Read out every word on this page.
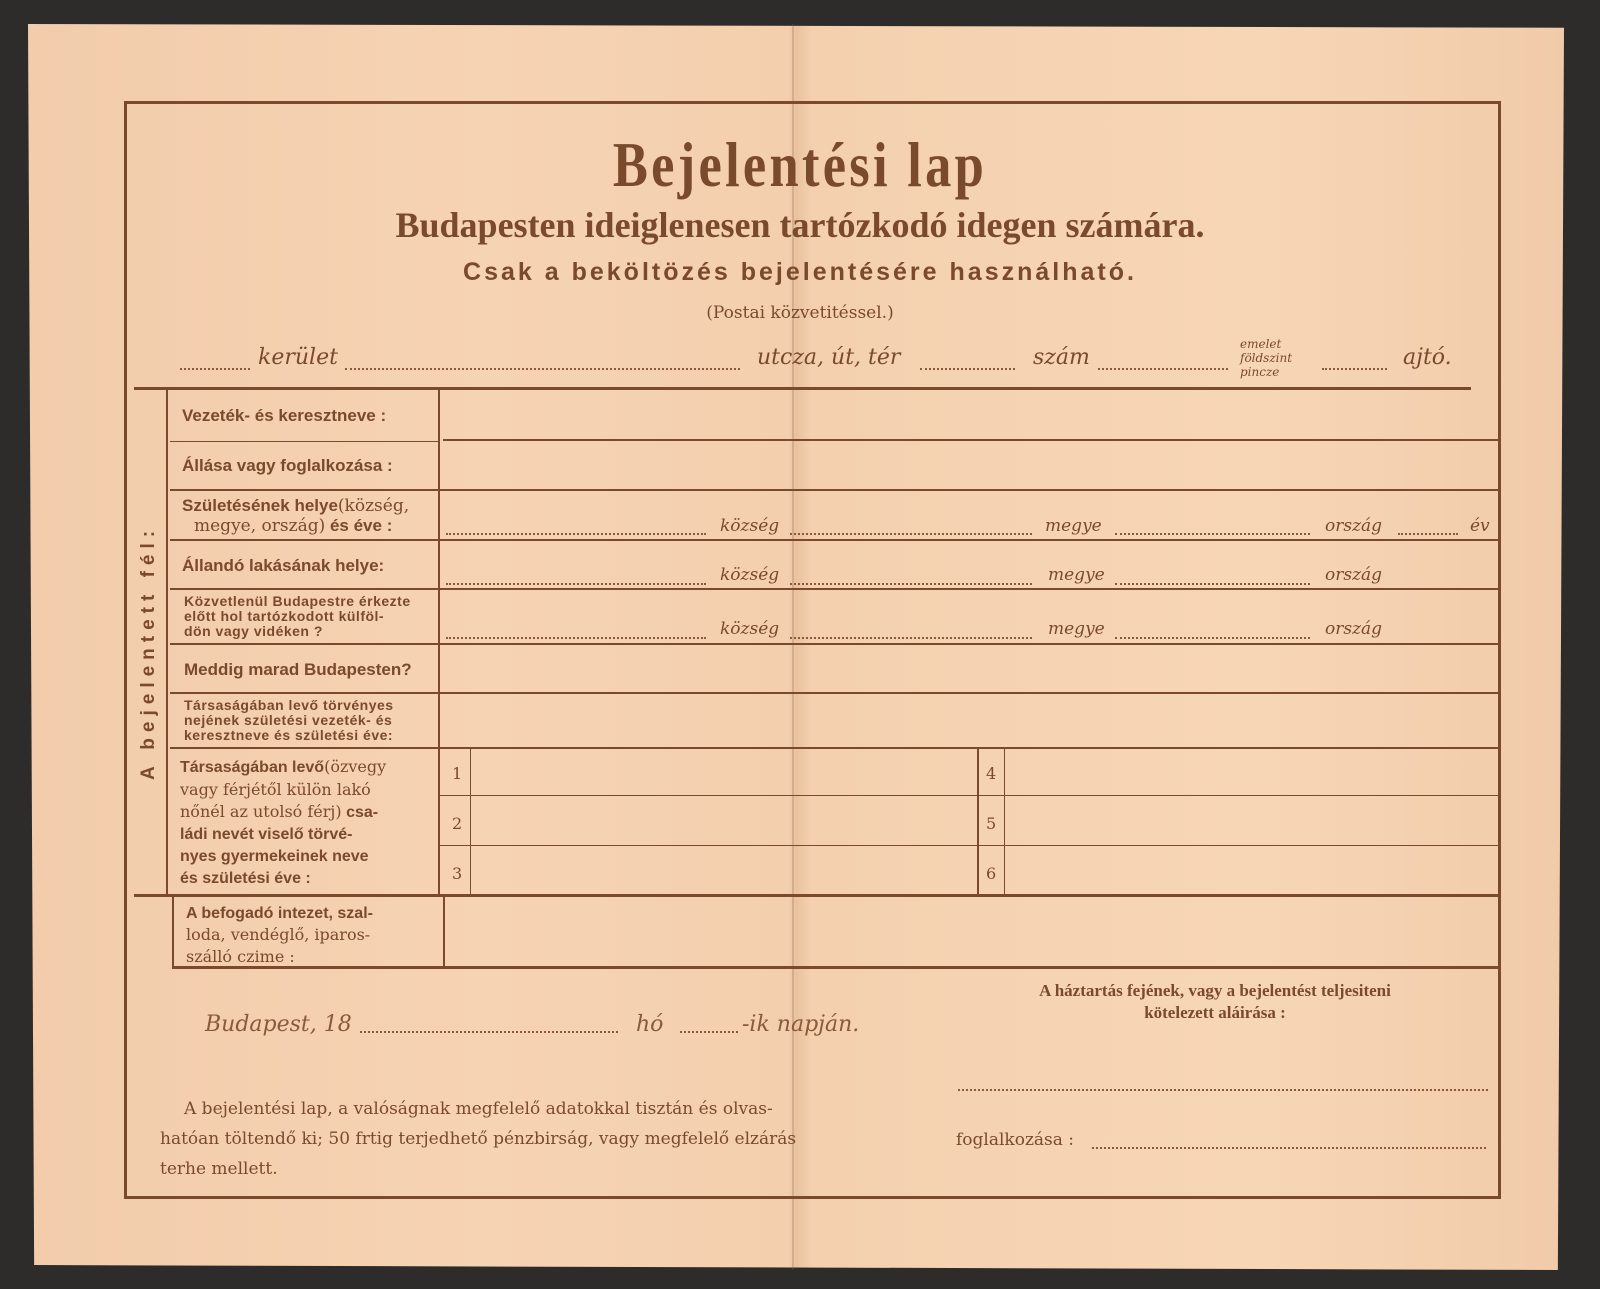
Bejelentési lap
Budapesten ideiglenesen tartózkodó idegen számára.
Csak a beköltözés bejelentésére használható.
(Postai közvetitéssel.)
kerület	utcza, út, tér	szám
emelet
földszint
pincze
ajtó.
A bejelentett fél:
Vezeték- és keresztneve :
Állása vagy foglalkozása :
Születésének helye(község,
megye, ország) és éve :	község	megye	ország	év
Állandó lakásának helye:	község	megye	ország
Közvetlenül Budapestre érkezte
előtt hol tartózkodott külföl-
dön vagy vidéken ?	község	megye	ország
Meddig marad Budapesten?
Társaságában levő törvényes
nejének születési vezeték- és
keresztneve és születési éve:
Társaságában levő(özvegy
vagy férjétől külön lakó
nőnél az utolsó férj) csa-
ládi nevét viselő törvé-
nyes gyermekeinek neve
és születési éve :
1
2
3
4
5
6
A befogadó intezet, szal-
loda, vendéglő, iparos-
szálló czime :
Budapest, 18	hó	-ik napján.
A háztartás fejének, vagy a bejelentést teljesiteni
kötelezett aláirása :
foglalkozása :
A bejelentési lap, a valóságnak megfelelő adatokkal tisztán és olvas-
hatóan töltendő ki; 50 frtig terjedhető pénzbirság, vagy megfelelő elzárás
terhe mellett.
